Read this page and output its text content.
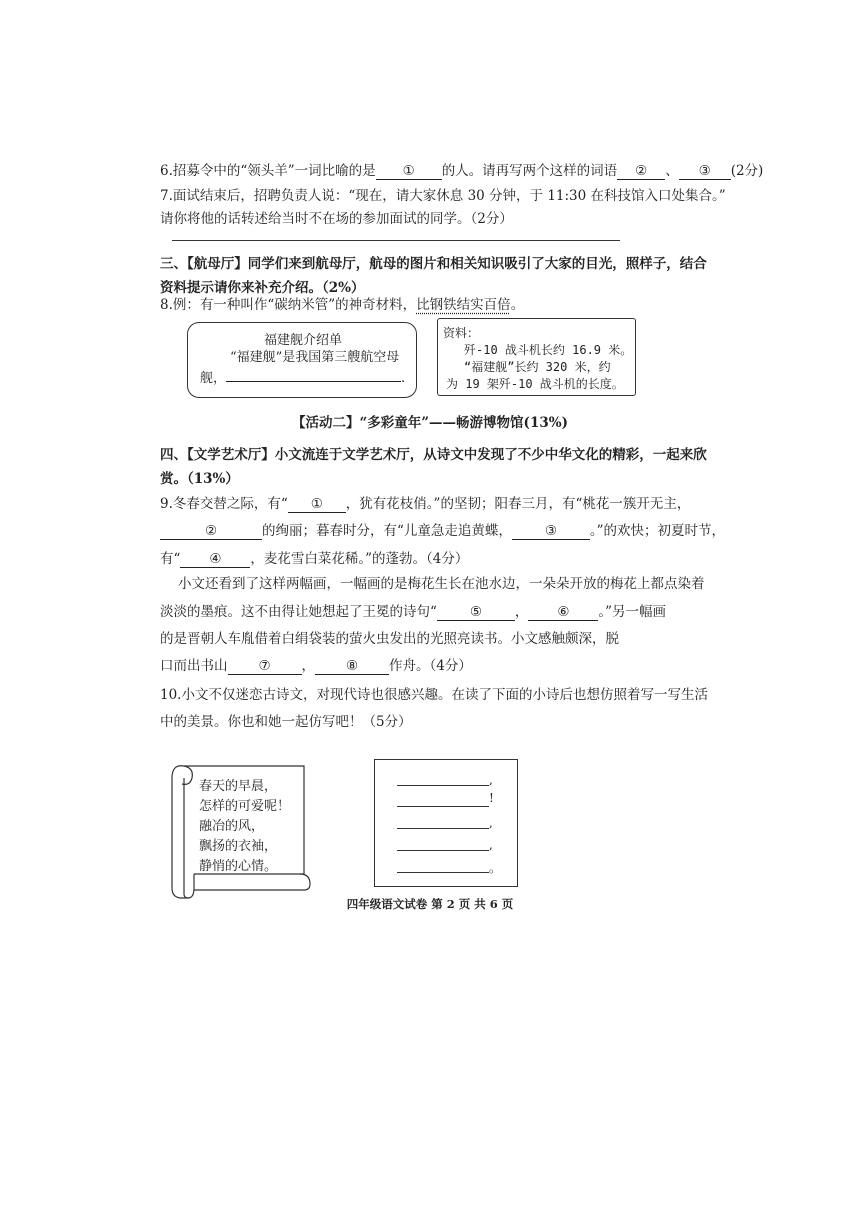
6.招募令中的“领头羊”一词比喻的是 ① 的人。请再写两个这样的词语 ② 、 ③ (2分)
7.面试结束后，招聘负责人说：“现在，请大家休息 30 分钟，于 11:30 在科技馆入口处集合。”
请你将他的话转述给当时不在场的参加面试的同学。（2分）
三、【航母厅】同学们来到航母厅，航母的图片和相关知识吸引了大家的目光，照样子，结合
资料提示请你来补充介绍。（2%）
8.例：有一种叫作“碳纳米管”的神奇材料，比钢铁结实百倍。
福建舰介绍单
“福建舰”是我国第三艘航空母
舰，	.
资料：
歼-10 战斗机长约 16.9 米。
“福建舰”长约 320 米，约
为 19 架歼-10 战斗机的长度。
【活动二】“多彩童年”——畅游博物馆(13%)
四、【文学艺术厅】小文流连于文学艺术厅，从诗文中发现了不少中华文化的精彩，一起来欣
赏。（13%）
9.冬春交替之际，有“ ① ，犹有花枝俏。”的坚韧；阳春三月，有“桃花一簇开无主，
②	的绚丽；暮春时分，有“儿童急走追黄蝶， ③ 。”的欢快；初夏时节，
有“ ④ ，麦花雪白菜花稀。”的蓬勃。（4分）
小文还看到了这样两幅画，一幅画的是梅花生长在池水边，一朵朵开放的梅花上都点染着
淡淡的墨痕。这不由得让她想起了王冕的诗句“ ⑤ ， ⑥ 。”另一幅画
的是晋朝人车胤借着白绢袋装的萤火虫发出的光照亮读书。小文感触颇深，脱
口而出书山 ⑦ ， ⑧ 作舟。（4分）
10.小文不仅迷恋古诗文，对现代诗也很感兴趣。在读了下面的小诗后也想仿照着写一写生活
中的美景。你也和她一起仿写吧！（5分）
春天的早晨，
怎样的可爱呢！
融冶的风，
飘扬的衣袖，
静悄的心情。
,
!
,
,
。
四年级语文试卷 第 2 页 共 6 页
